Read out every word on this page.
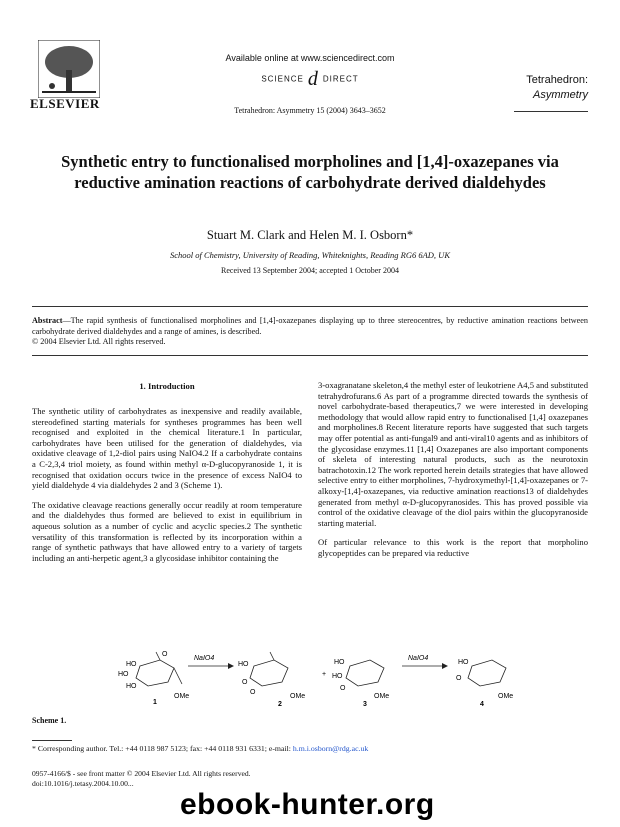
ELSEVIER
Available online at www.sciencedirect.com
SCIENCE d DIRECT
Tetrahedron: Asymmetry 15 (2004) 3643–3652
Tetrahedron:
Asymmetry
Synthetic entry to functionalised morpholines and [1,4]-oxazepanes via reductive amination reactions of carbohydrate derived dialdehydes
Stuart M. Clark and Helen M. I. Osborn*
School of Chemistry, University of Reading, Whiteknights, Reading RG6 6AD, UK
Received 13 September 2004; accepted 1 October 2004
Abstract—The rapid synthesis of functionalised morpholines and [1,4]-oxazepanes displaying up to three stereocentres, by reductive amination reactions between carbohydrate derived dialdehydes and a range of amines, is described.
© 2004 Elsevier Ltd. All rights reserved.
1. Introduction

The synthetic utility of carbohydrates as inexpensive and readily available, stereodefined starting materials for syntheses programmes has been well recognised and exploited in the chemical literature.1 In particular, carbohydrates have been utilised for the generation of dialdehydes, via oxidative cleavage of 1,2-diol pairs using NaIO4.2 If a carbohydrate contains a C-2,3,4 triol moiety, as found within methyl α-D-glucopyranoside 1, it is recognised that oxidation occurs twice in the presence of excess NaIO4 to yield dialdehyde 4 via dialdehydes 2 and 3 (Scheme 1).

The oxidative cleavage reactions generally occur readily at room temperature and the dialdehydes thus formed are believed to exist in equilibrium in aqueous solution as a number of cyclic and acyclic species.2 The synthetic versatility of this transformation is reflected by its incorporation within a range of synthetic pathways that have allowed entry to a variety of targets including an anti-herpetic agent,3 a glycosidase inhibitor containing the

3-oxagranatane skeleton,4 the methyl ester of leukotriene A4,5 and substituted tetrahydrofurans.6 As part of a programme directed towards the synthesis of novel carbohydrate-based therapeutics,7 we were interested in developing methodology that would allow rapid entry to functionalised [1,4] oxazepanes and morpholines.8 Recent literature reports have suggested that such targets may offer potential as anti-fungal9 and anti-viral10 agents and as inhibitors of the glycosidase enzymes.11 [1,4] Oxazepanes are also important components of skeleta of interesting natural products, such as the neurotoxin batrachotoxin.12 The work reported herein details strategies that have allowed selective entry to either morpholines, 7-hydroxymethyl-[1,4]-oxazepanes or 7-alkoxy-[1,4]-oxazepanes, via reductive amination reactions13 of dialdehydes generated from methyl α-D-glucopyranosides. This has proved possible via control of the oxidative cleavage of the diol pairs within the glucopyranoside starting material.

Of particular relevance to this work is the report that morpholino glycopeptides can be prepared via reductive

HO
HO
HO
O
OMe
1
NaIO4
HO
O
O
OMe
2
+
HO
HO
O
OMe
3
NaIO4
HO
O
OMe
4
Scheme 1.
* Corresponding author. Tel.: +44 0118 987 5123; fax: +44 0118 931 6331; e-mail: h.m.i.osborn@rdg.ac.uk
0957-4166/$ - see front matter © 2004 Elsevier Ltd. All rights reserved.
doi:10.1016/j.tetasy.2004.10.00...
ebook-hunter.org
